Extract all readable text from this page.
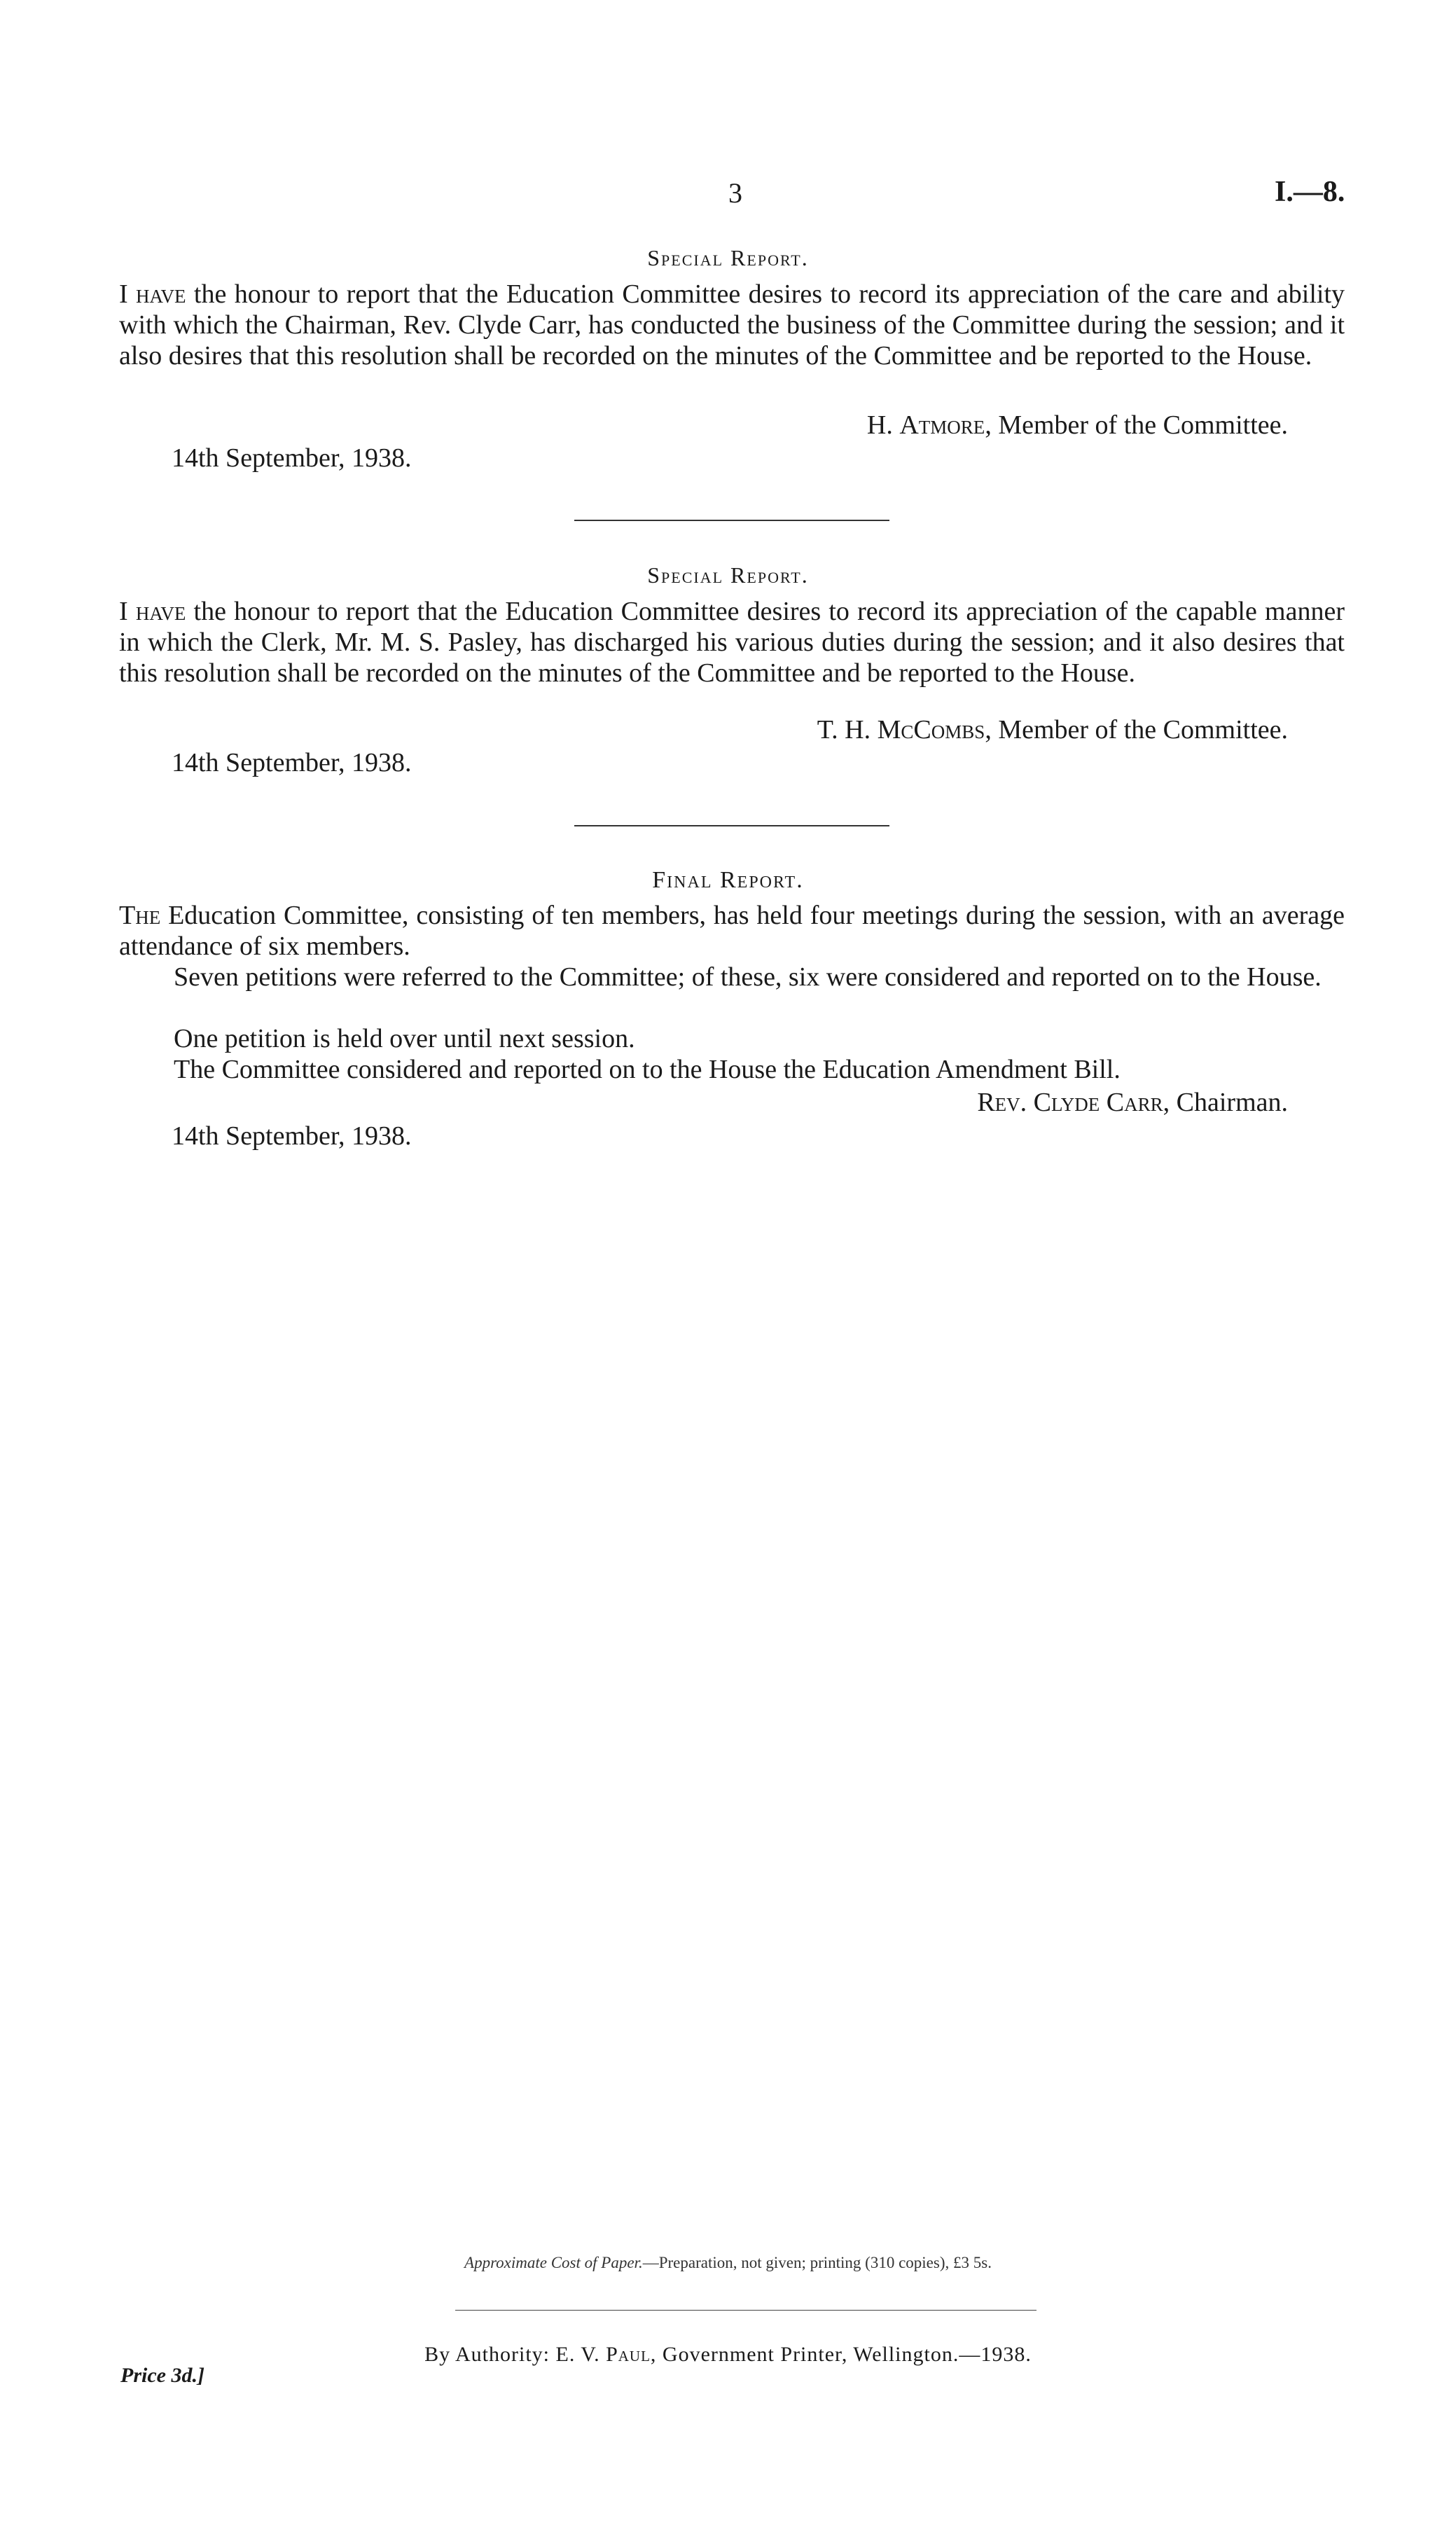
3	I.—8.
Special Report.
I have the honour to report that the Education Committee desires to record its appreciation of the care and ability with which the Chairman, Rev. Clyde Carr, has conducted the business of the Committee during the session; and it also desires that this resolution shall be recorded on the minutes of the Committee and be reported to the House.
H. Atmore, Member of the Committee.
14th September, 1938.
Special Report.
I have the honour to report that the Education Committee desires to record its appreciation of the capable manner in which the Clerk, Mr. M. S. Pasley, has discharged his various duties during the session; and it also desires that this resolution shall be recorded on the minutes of the Committee and be reported to the House.
T. H. McCombs, Member of the Committee.
14th September, 1938.
Final Report.
The Education Committee, consisting of ten members, has held four meetings during the session, with an average attendance of six members.
Seven petitions were referred to the Committee; of these, six were considered and reported on to the House.
One petition is held over until next session.
The Committee considered and reported on to the House the Education Amendment Bill.
Rev. Clyde Carr, Chairman.
14th September, 1938.
Approximate Cost of Paper.—Preparation, not given; printing (310 copies), £3 5s.
By Authority: E. V. Paul, Government Printer, Wellington.—1938.
Price 3d.]
